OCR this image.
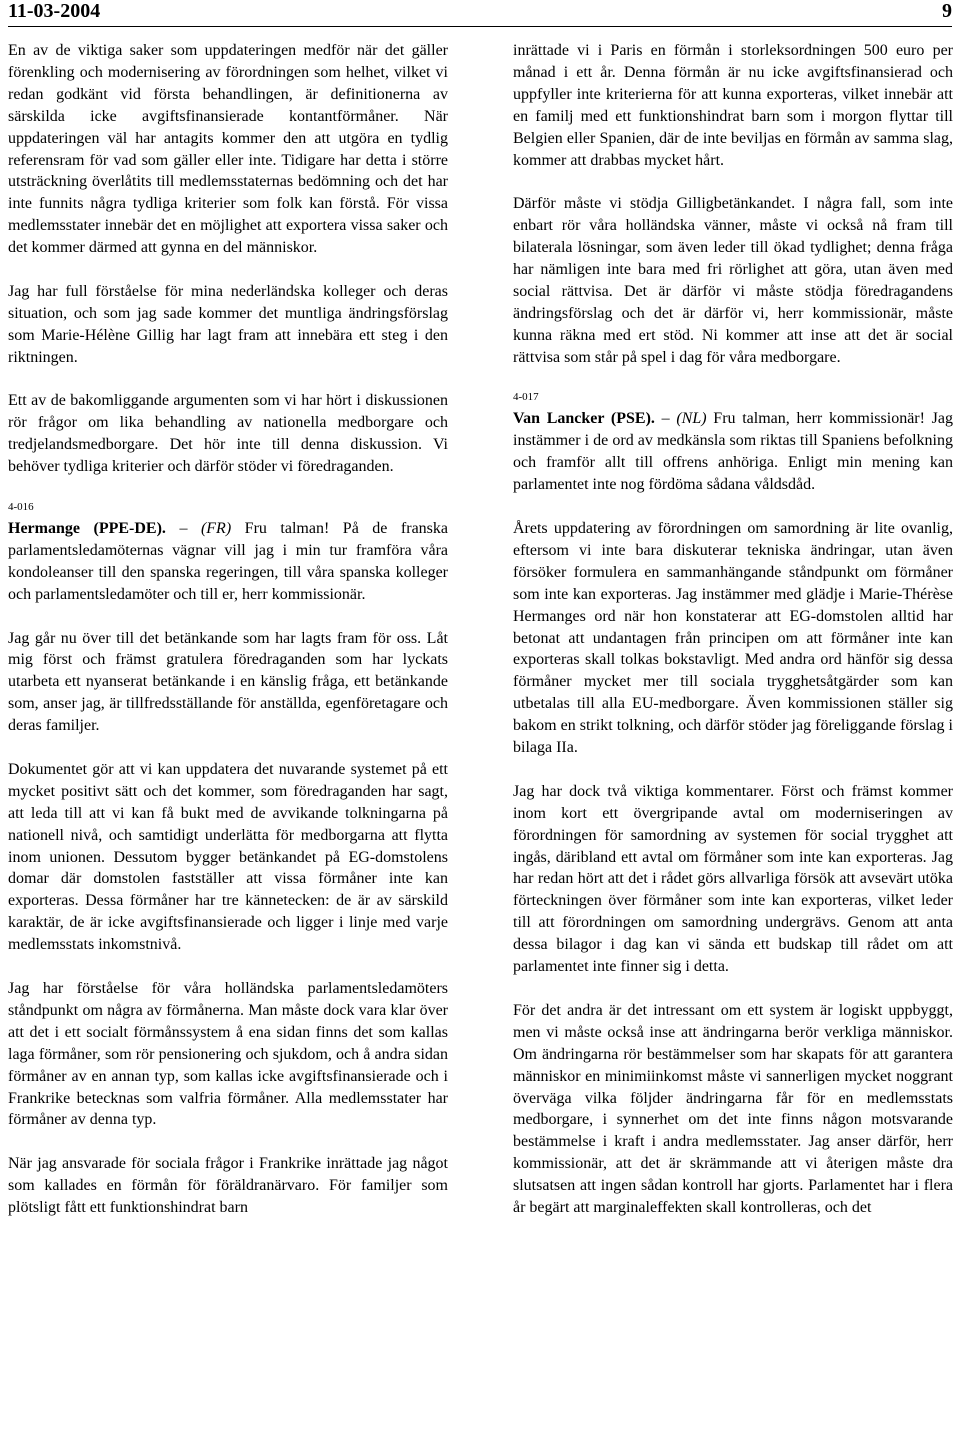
11-03-2004	9

En av de viktiga saker som uppdateringen medför när det gäller förenkling och modernisering av förordningen som helhet, vilket vi redan godkänt vid första behandlingen, är definitionerna av särskilda icke avgiftsfinansierade kontantförmåner. När uppdateringen väl har antagits kommer den att utgöra en tydlig referensram för vad som gäller eller inte. Tidigare har detta i större utsträckning överlåtits till medlemsstaternas bedömning och det har inte funnits några tydliga kriterier som folk kan förstå. För vissa medlemsstater innebär det en möjlighet att exportera vissa saker och det kommer därmed att gynna en del människor.

Jag har full förståelse för mina nederländska kolleger och deras situation, och som jag sade kommer det muntliga ändringsförslag som Marie-Hélène Gillig har lagt fram att innebära ett steg i den riktningen.

Ett av de bakomliggande argumenten som vi har hört i diskussionen rör frågor om lika behandling av nationella medborgare och tredjelandsmedborgare. Det hör inte till denna diskussion. Vi behöver tydliga kriterier och därför stöder vi föredraganden.

4-016

Hermange (PPE-DE). – (FR) Fru talman! På de franska parlamentsledamöternas vägnar vill jag i min tur framföra våra kondoleanser till den spanska regeringen, till våra spanska kolleger och parlamentsledamöter och till er, herr kommissionär.

Jag går nu över till det betänkande som har lagts fram för oss. Låt mig först och främst gratulera föredraganden som har lyckats utarbeta ett nyanserat betänkande i en känslig fråga, ett betänkande som, anser jag, är tillfredsställande för anställda, egenföretagare och deras familjer.

Dokumentet gör att vi kan uppdatera det nuvarande systemet på ett mycket positivt sätt och det kommer, som föredraganden har sagt, att leda till att vi kan få bukt med de avvikande tolkningarna på nationell nivå, och samtidigt underlätta för medborgarna att flytta inom unionen. Dessutom bygger betänkandet på EG-domstolens domar där domstolen fastställer att vissa förmåner inte kan exporteras. Dessa förmåner har tre kännetecken: de är av särskild karaktär, de är icke avgiftsfinansierade och ligger i linje med varje medlemsstats inkomstnivå.

Jag har förståelse för våra holländska parlamentsledamöters ståndpunkt om några av förmånerna. Man måste dock vara klar över att det i ett socialt förmånssystem å ena sidan finns det som kallas laga förmåner, som rör pensionering och sjukdom, och å andra sidan förmåner av en annan typ, som kallas icke avgiftsfinansierade och i Frankrike betecknas som valfria förmåner. Alla medlemsstater har förmåner av denna typ.

När jag ansvarade för sociala frågor i Frankrike inrättade jag något som kallades en förmån för föräldranärvaro. För familjer som plötsligt fått ett funktionshindrat barn

inrättade vi i Paris en förmån i storleksordningen 500 euro per månad i ett år. Denna förmån är nu icke avgiftsfinansierad och uppfyller inte kriterierna för att kunna exporteras, vilket innebär att en familj med ett funktionshindrat barn som i morgon flyttar till Belgien eller Spanien, där de inte beviljas en förmån av samma slag, kommer att drabbas mycket hårt.

Därför måste vi stödja Gilligbetänkandet. I några fall, som inte enbart rör våra holländska vänner, måste vi också nå fram till bilaterala lösningar, som även leder till ökad tydlighet; denna fråga har nämligen inte bara med fri rörlighet att göra, utan även med social rättvisa. Det är därför vi måste stödja föredragandens ändringsförslag och det är därför vi, herr kommissionär, måste kunna räkna med ert stöd. Ni kommer att inse att det är social rättvisa som står på spel i dag för våra medborgare.

4-017

Van Lancker (PSE). – (NL) Fru talman, herr kommissionär! Jag instämmer i de ord av medkänsla som riktas till Spaniens befolkning och framför allt till offrens anhöriga. Enligt min mening kan parlamentet inte nog fördöma sådana våldsdåd.

Årets uppdatering av förordningen om samordning är lite ovanlig, eftersom vi inte bara diskuterar tekniska ändringar, utan även försöker formulera en sammanhängande ståndpunkt om förmåner som inte kan exporteras. Jag instämmer med glädje i Marie-Thérèse Hermanges ord när hon konstaterar att EG-domstolen alltid har betonat att undantagen från principen om att förmåner inte kan exporteras skall tolkas bokstavligt. Med andra ord hänför sig dessa förmåner mycket mer till sociala trygghetsåtgärder som kan utbetalas till alla EU-medborgare. Även kommissionen ställer sig bakom en strikt tolkning, och därför stöder jag föreliggande förslag i bilaga IIa.

Jag har dock två viktiga kommentarer. Först och främst kommer inom kort ett övergripande avtal om moderniseringen av förordningen för samordning av systemen för social trygghet att ingås, däribland ett avtal om förmåner som inte kan exporteras. Jag har redan hört att det i rådet görs allvarliga försök att avsevärt utöka förteckningen över förmåner som inte kan exporteras, vilket leder till att förordningen om samordning undergrävs. Genom att anta dessa bilagor i dag kan vi sända ett budskap till rådet om att parlamentet inte finner sig i detta.

För det andra är det intressant om ett system är logiskt uppbyggt, men vi måste också inse att ändringarna berör verkliga människor. Om ändringarna rör bestämmelser som har skapats för att garantera människor en minimiinkomst måste vi sannerligen mycket noggrant överväga vilka följder ändringarna får för en medlemsstats medborgare, i synnerhet om det inte finns någon motsvarande bestämmelse i kraft i andra medlemsstater. Jag anser därför, herr kommissionär, att det är skrämmande att vi återigen måste dra slutsatsen att ingen sådan kontroll har gjorts. Parlamentet har i flera år begärt att marginaleffekten skall kontrolleras, och det
